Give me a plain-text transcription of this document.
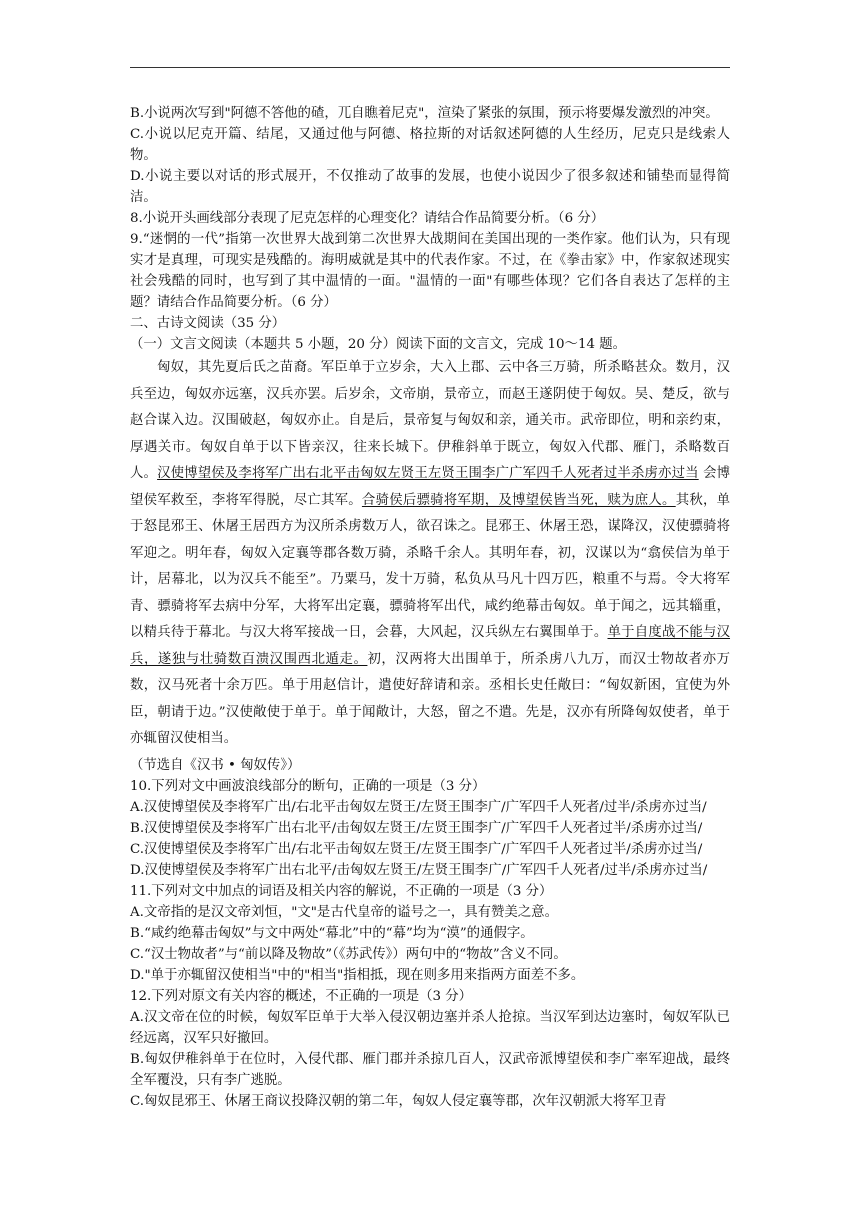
B.小说两次写到"阿德不答他的碴，兀自瞧着尼克"，渲染了紧张的氛围，预示将要爆发激烈的冲突。

C.小说以尼克开篇、结尾，又通过他与阿德、格拉斯的对话叙述阿德的人生经历，尼克只是线索人物。

D.小说主要以对话的形式展开，不仅推动了故事的发展，也使小说因少了很多叙述和铺垫而显得简洁。

8.小说开头画线部分表现了尼克怎样的心理变化？请结合作品简要分析。（6 分）

9.“迷惘的一代”指第一次世界大战到第二次世界大战期间在美国出现的一类作家。他们认为，只有现实才是真理，可现实是残酷的。海明威就是其中的代表作家。不过，在《拳击家》中，作家叙述现实社会残酷的同时，也写到了其中温情的一面。"温情的一面"有哪些体现？它们各自表达了怎样的主题？请结合作品简要分析。（6 分）

二、古诗文阅读（35 分）

（一）文言文阅读（本题共 5 小题，20 分）阅读下面的文言文，完成 10～14 题。

匈奴，其先夏后氏之苗裔。军臣单于立岁余，大入上郡、云中各三万骑，所杀略甚众。数月，汉兵至边，匈奴亦远塞，汉兵亦罢。后岁余，文帝崩，景帝立，而赵王遂阴使于匈奴。吴、楚反，欲与赵合谋入边。汉围破赵，匈奴亦止。自是后，景帝复与匈奴和亲，通关市。武帝即位，明和亲约束，厚遇关市。匈奴自单于以下皆亲汉，往来长城下。伊稚斜单于既立，匈奴入代郡、雁门，杀略数百人。汉使博望侯及李将军广出右北平击匈奴左贤王左贤王围李广广军四千人死者过半杀虏亦过当 会博望侯军救至，李将军得脱，尽亡其军。合骑侯后骠骑将军期，及博望侯皆当死，赎为庶人。其秋，单于怒昆邪王、休屠王居西方为汉所杀虏数万人，欲召诛之。昆邪王、休屠王恐，谋降汉，汉使骠骑将军迎之。明年春，匈奴入定襄等郡各数万骑，杀略千余人。其明年春，初，汉谋以为“翕侯信为单于计，居幕北，以为汉兵不能至”。乃粟马，发十万骑，私负从马凡十四万匹，粮重不与焉。令大将军青、骠骑将军去病中分军，大将军出定襄，骠骑将军出代，咸约绝幕击匈奴。单于闻之，远其辎重，以精兵待于幕北。与汉大将军接战一日，会暮，大风起，汉兵纵左右翼围单于。单于自度战不能与汉兵，遂独与壮骑数百溃汉围西北遁走。初，汉两将大出围单于，所杀虏八九万，而汉士物故者亦万数，汉马死者十余万匹。单于用赵信计，遣使好辞请和亲。丞相长史任敞曰：“匈奴新困，宜使为外臣，朝请于边。”汉使敞使于单于。单于闻敞计，大怒，留之不遣。先是，汉亦有所降匈奴使者，单于亦辄留汉使相当。

（节选自《汉书 • 匈奴传》）

10.下列对文中画波浪线部分的断句，正确的一项是（3 分）

A.汉使博望侯及李将军广出/右北平击匈奴左贤王/左贤王围李广/广军四千人死者/过半/杀虏亦过当/

B.汉使博望侯及李将军广出右北平/击匈奴左贤王/左贤王围李广/广军四千人死者过半/杀虏亦过当/

C.汉使博望侯及李将军广出/右北平击匈奴左贤王/左贤王围李广/广军四千人死者过半/杀虏亦过当/

D.汉使博望侯及李将军广出右北平/击匈奴左贤王/左贤王围李广/广军四千人死者/过半/杀虏亦过当/

11.下列对文中加点的词语及相关内容的解说，不正确的一项是（3 分）

A.文帝指的是汉文帝刘恒，"文"是古代皇帝的谥号之一，具有赞美之意。

B.“咸约绝幕击匈奴”与文中两处“幕北”中的“幕”均为“漠”的通假字。

C.“汉士物故者”与“前以降及物故”（《苏武传》）两句中的“物故”含义不同。

D."单于亦辄留汉使相当"中的"相当"指相抵，现在则多用来指两方面差不多。

12.下列对原文有关内容的概述，不正确的一项是（3 分）

A.汉文帝在位的时候，匈奴军臣单于大举入侵汉朝边塞并杀人抢掠。当汉军到达边塞时，匈奴军队已经远离，汉军只好撤回。

B.匈奴伊稚斜单于在位时，入侵代郡、雁门郡并杀掠几百人，汉武帝派博望侯和李广率军迎战，最终全军覆没，只有李广逃脱。

C.匈奴昆邪王、休屠王商议投降汉朝的第二年，匈奴人侵定襄等郡，次年汉朝派大将军卫青
